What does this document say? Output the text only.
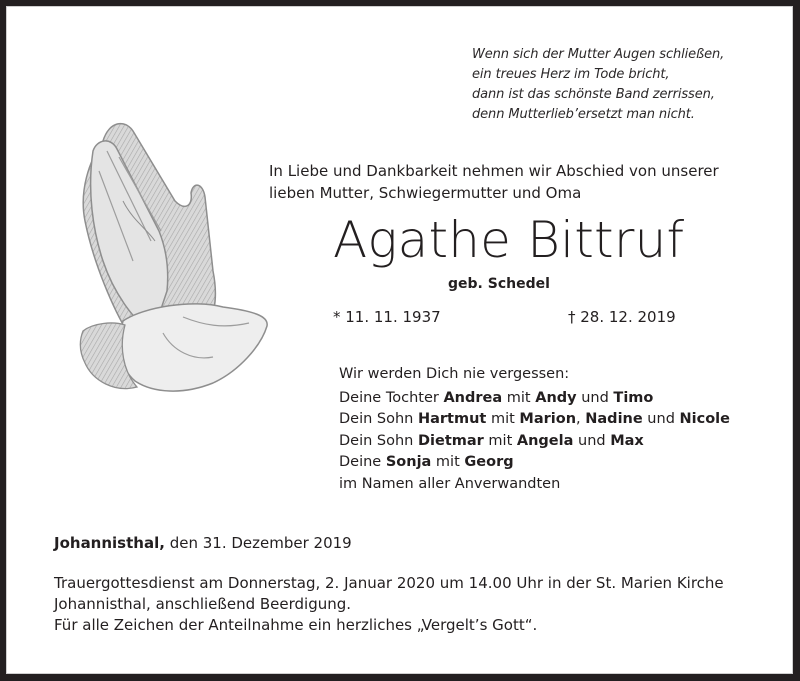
Wenn sich der Mutter Augen schließen,
ein treues Herz im Tode bricht,
dann ist das schönste Band zerrissen,
denn Mutterlieb’ersetzt man nicht.
In Liebe und Dankbarkeit nehmen wir Abschied von unserer
lieben Mutter, Schwiegermutter und Oma
Agathe Bittruf
geb. Schedel
* 11. 11. 1937	† 28. 12. 2019
Wir werden Dich nie vergessen:
Deine Tochter Andrea mit Andy und Timo
Dein Sohn Hartmut mit Marion, Nadine und Nicole
Dein Sohn Dietmar mit Angela und Max
Deine Sonja mit Georg
im Namen aller Anverwandten
Johannisthal, den 31. Dezember 2019
Trauergottesdienst am Donnerstag, 2. Januar 2020 um 14.00 Uhr in der St. Marien Kirche
Johannisthal, anschließend Beerdigung.
Für alle Zeichen der Anteilnahme ein herzliches „Vergelt’s Gott“.
